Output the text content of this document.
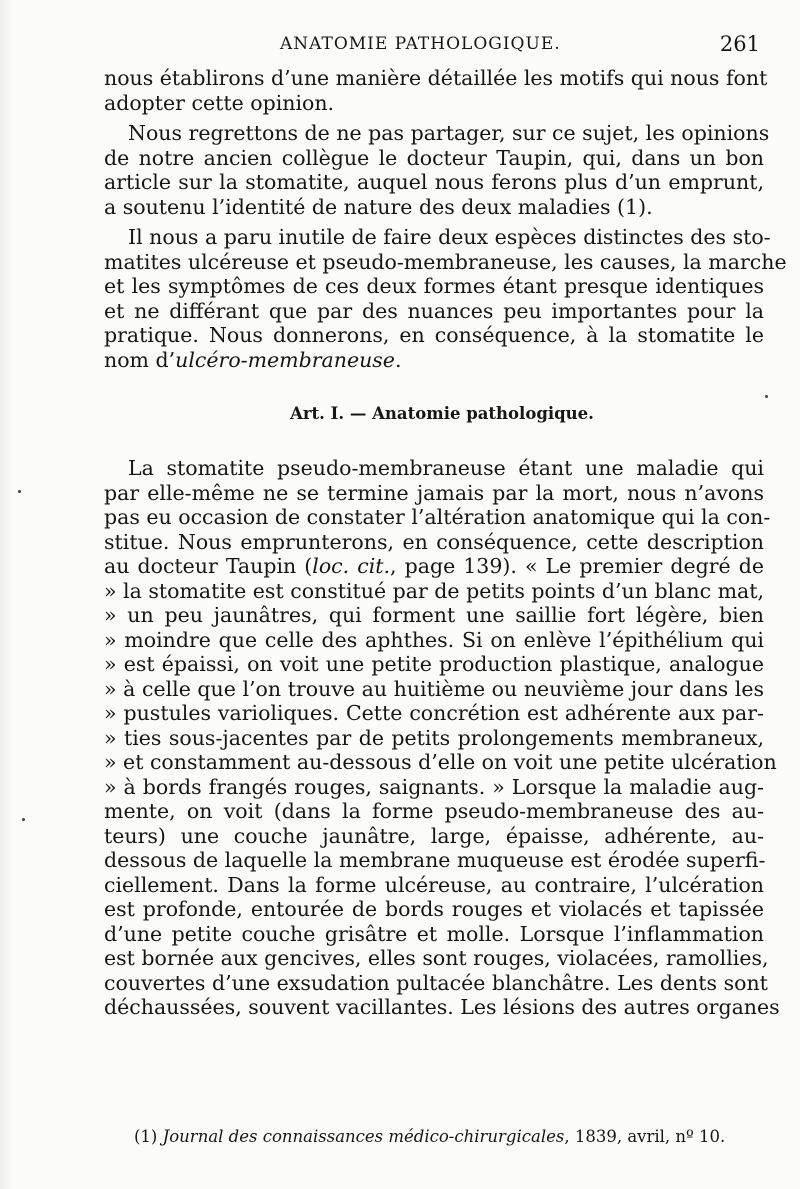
ANATOMIE PATHOLOGIQUE.	261
nous établirons d’une manière détaillée les motifs qui nous font
adopter cette opinion.
Nous regrettons de ne pas partager, sur ce sujet, les opinions
de notre ancien collègue le docteur Taupin, qui, dans un bon
article sur la stomatite, auquel nous ferons plus d’un emprunt,
a soutenu l’identité de nature des deux maladies (1).
Il nous a paru inutile de faire deux espèces distinctes des sto-
matites ulcéreuse et pseudo-membraneuse, les causes, la marche
et les symptômes de ces deux formes étant presque identiques
et ne différant que par des nuances peu importantes pour la
pratique. Nous donnerons, en conséquence, à la stomatite le
nom d’ulcéro-membraneuse.
Art. I. — Anatomie pathologique.
La stomatite pseudo-membraneuse étant une maladie qui
par elle-même ne se termine jamais par la mort, nous n’avons
pas eu occasion de constater l’altération anatomique qui la con-
stitue. Nous emprunterons, en conséquence, cette description
au docteur Taupin (loc. cit., page 139). « Le premier degré de
» la stomatite est constitué par de petits points d’un blanc mat,
» un peu jaunâtres, qui forment une saillie fort légère, bien
» moindre que celle des aphthes. Si on enlève l’épithélium qui
» est épaissi, on voit une petite production plastique, analogue
» à celle que l’on trouve au huitième ou neuvième jour dans les
» pustules varioliques. Cette concrétion est adhérente aux par-
» ties sous-jacentes par de petits prolongements membraneux,
» et constamment au-dessous d’elle on voit une petite ulcération
» à bords frangés rouges, saignants. » Lorsque la maladie aug-
mente, on voit (dans la forme pseudo-membraneuse des au-
teurs) une couche jaunâtre, large, épaisse, adhérente, au-
dessous de laquelle la membrane muqueuse est érodée superfi-
ciellement. Dans la forme ulcéreuse, au contraire, l’ulcération
est profonde, entourée de bords rouges et violacés et tapissée
d’une petite couche grisâtre et molle. Lorsque l’inflammation
est bornée aux gencives, elles sont rouges, violacées, ramollies,
couvertes d’une exsudation pultacée blanchâtre. Les dents sont
déchaussées, souvent vacillantes. Les lésions des autres organes
(1) Journal des connaissances médico-chirurgicales, 1839, avril, nº 10.
